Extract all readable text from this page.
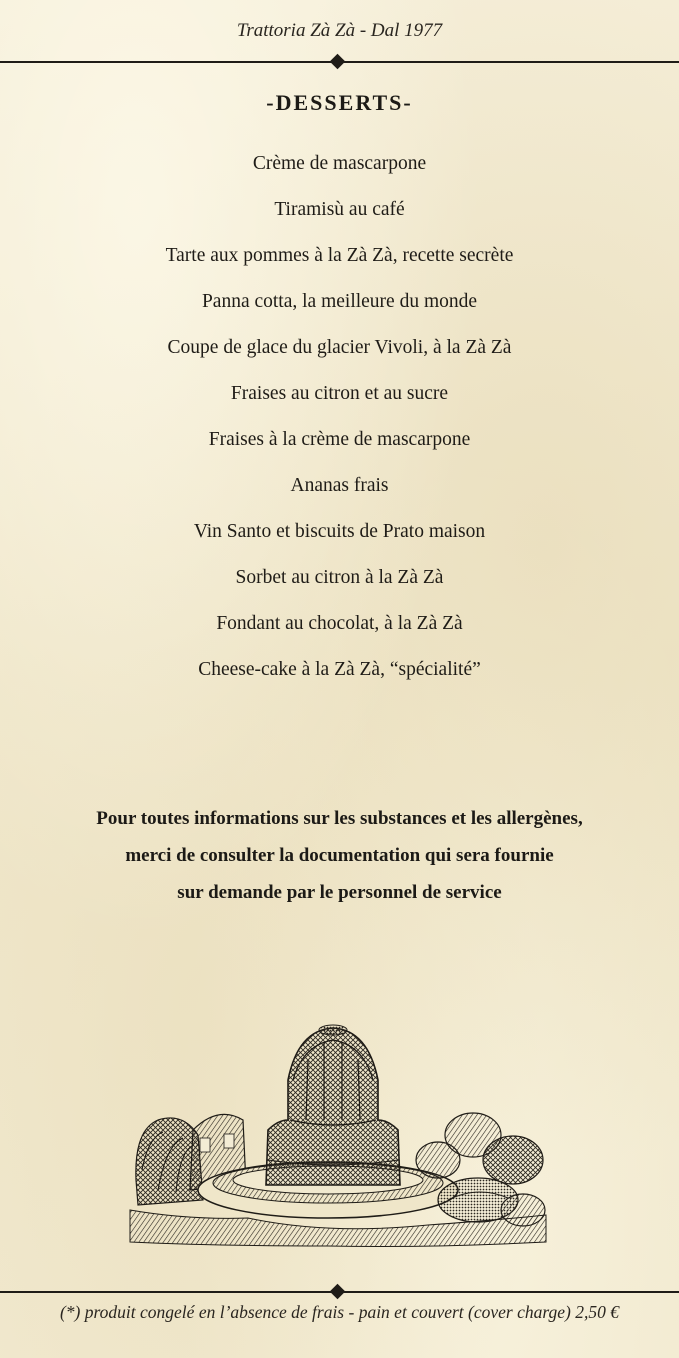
Trattoria Zà Zà - Dal 1977
-DESSERTS-
Crème de mascarpone
Tiramisù au café
Tarte aux pommes à la Zà Zà, recette secrète
Panna cotta, la meilleure du monde
Coupe de glace du glacier Vivoli, à la Zà Zà
Fraises au citron et au sucre
Fraises à la crème de mascarpone
Ananas frais
Vin Santo et biscuits de Prato maison
Sorbet au citron à la Zà Zà
Fondant au chocolat, à la Zà Zà
Cheese-cake à la Zà Zà, “spécialité”
Pour toutes informations sur les substances et les allergènes,
merci de consulter la documentation qui sera fournie
sur demande par le personnel de service
(*) produit congelé en l’absence de frais - pain et couvert (cover charge) 2,50 €
